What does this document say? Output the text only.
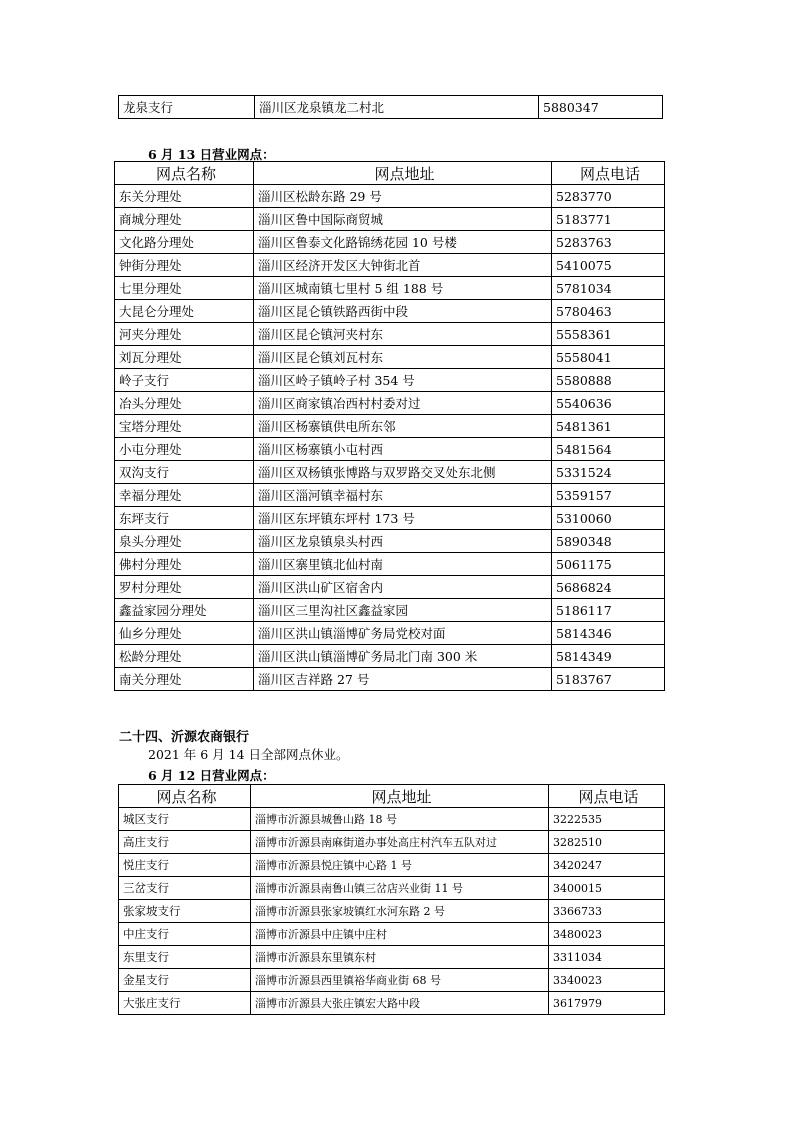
龙泉支行	淄川区龙泉镇龙二村北	5880347
6 月 13 日营业网点：
网点名称	网点地址	网点电话
东关分理处	淄川区松龄东路 29 号	5283770
商城分理处	淄川区鲁中国际商贸城	5183771
文化路分理处	淄川区鲁泰文化路锦绣花园 10 号楼	5283763
钟街分理处	淄川区经济开发区大钟街北首	5410075
七里分理处	淄川区城南镇七里村 5 组 188 号	5781034
大昆仑分理处	淄川区昆仑镇铁路西街中段	5780463
河夹分理处	淄川区昆仑镇河夹村东	5558361
刘瓦分理处	淄川区昆仑镇刘瓦村东	5558041
岭子支行	淄川区岭子镇岭子村 354 号	5580888
冶头分理处	淄川区商家镇冶西村村委对过	5540636
宝塔分理处	淄川区杨寨镇供电所东邻	5481361
小屯分理处	淄川区杨寨镇小屯村西	5481564
双沟支行	淄川区双杨镇张博路与双罗路交叉处东北侧	5331524
幸福分理处	淄川区淄河镇幸福村东	5359157
东坪支行	淄川区东坪镇东坪村 173 号	5310060
泉头分理处	淄川区龙泉镇泉头村西	5890348
佛村分理处	淄川区寨里镇北仙村南	5061175
罗村分理处	淄川区洪山矿区宿舍内	5686824
鑫益家园分理处	淄川区三里沟社区鑫益家园	5186117
仙乡分理处	淄川区洪山镇淄博矿务局党校对面	5814346
松龄分理处	淄川区洪山镇淄博矿务局北门南 300 米	5814349
南关分理处	淄川区吉祥路 27 号	5183767
二十四、沂源农商银行
2021 年 6 月 14 日全部网点休业。
6 月 12 日营业网点：
网点名称	网点地址	网点电话
城区支行	淄博市沂源县城鲁山路 18 号	3222535
高庄支行	淄博市沂源县南麻街道办事处高庄村汽车五队对过	3282510
悦庄支行	淄博市沂源县悦庄镇中心路 1 号	3420247
三岔支行	淄博市沂源县南鲁山镇三岔店兴业街 11 号	3400015
张家坡支行	淄博市沂源县张家坡镇红水河东路 2 号	3366733
中庄支行	淄博市沂源县中庄镇中庄村	3480023
东里支行	淄博市沂源县东里镇东村	3311034
金星支行	淄博市沂源县西里镇裕华商业街 68 号	3340023
大张庄支行	淄博市沂源县大张庄镇宏大路中段	3617979
